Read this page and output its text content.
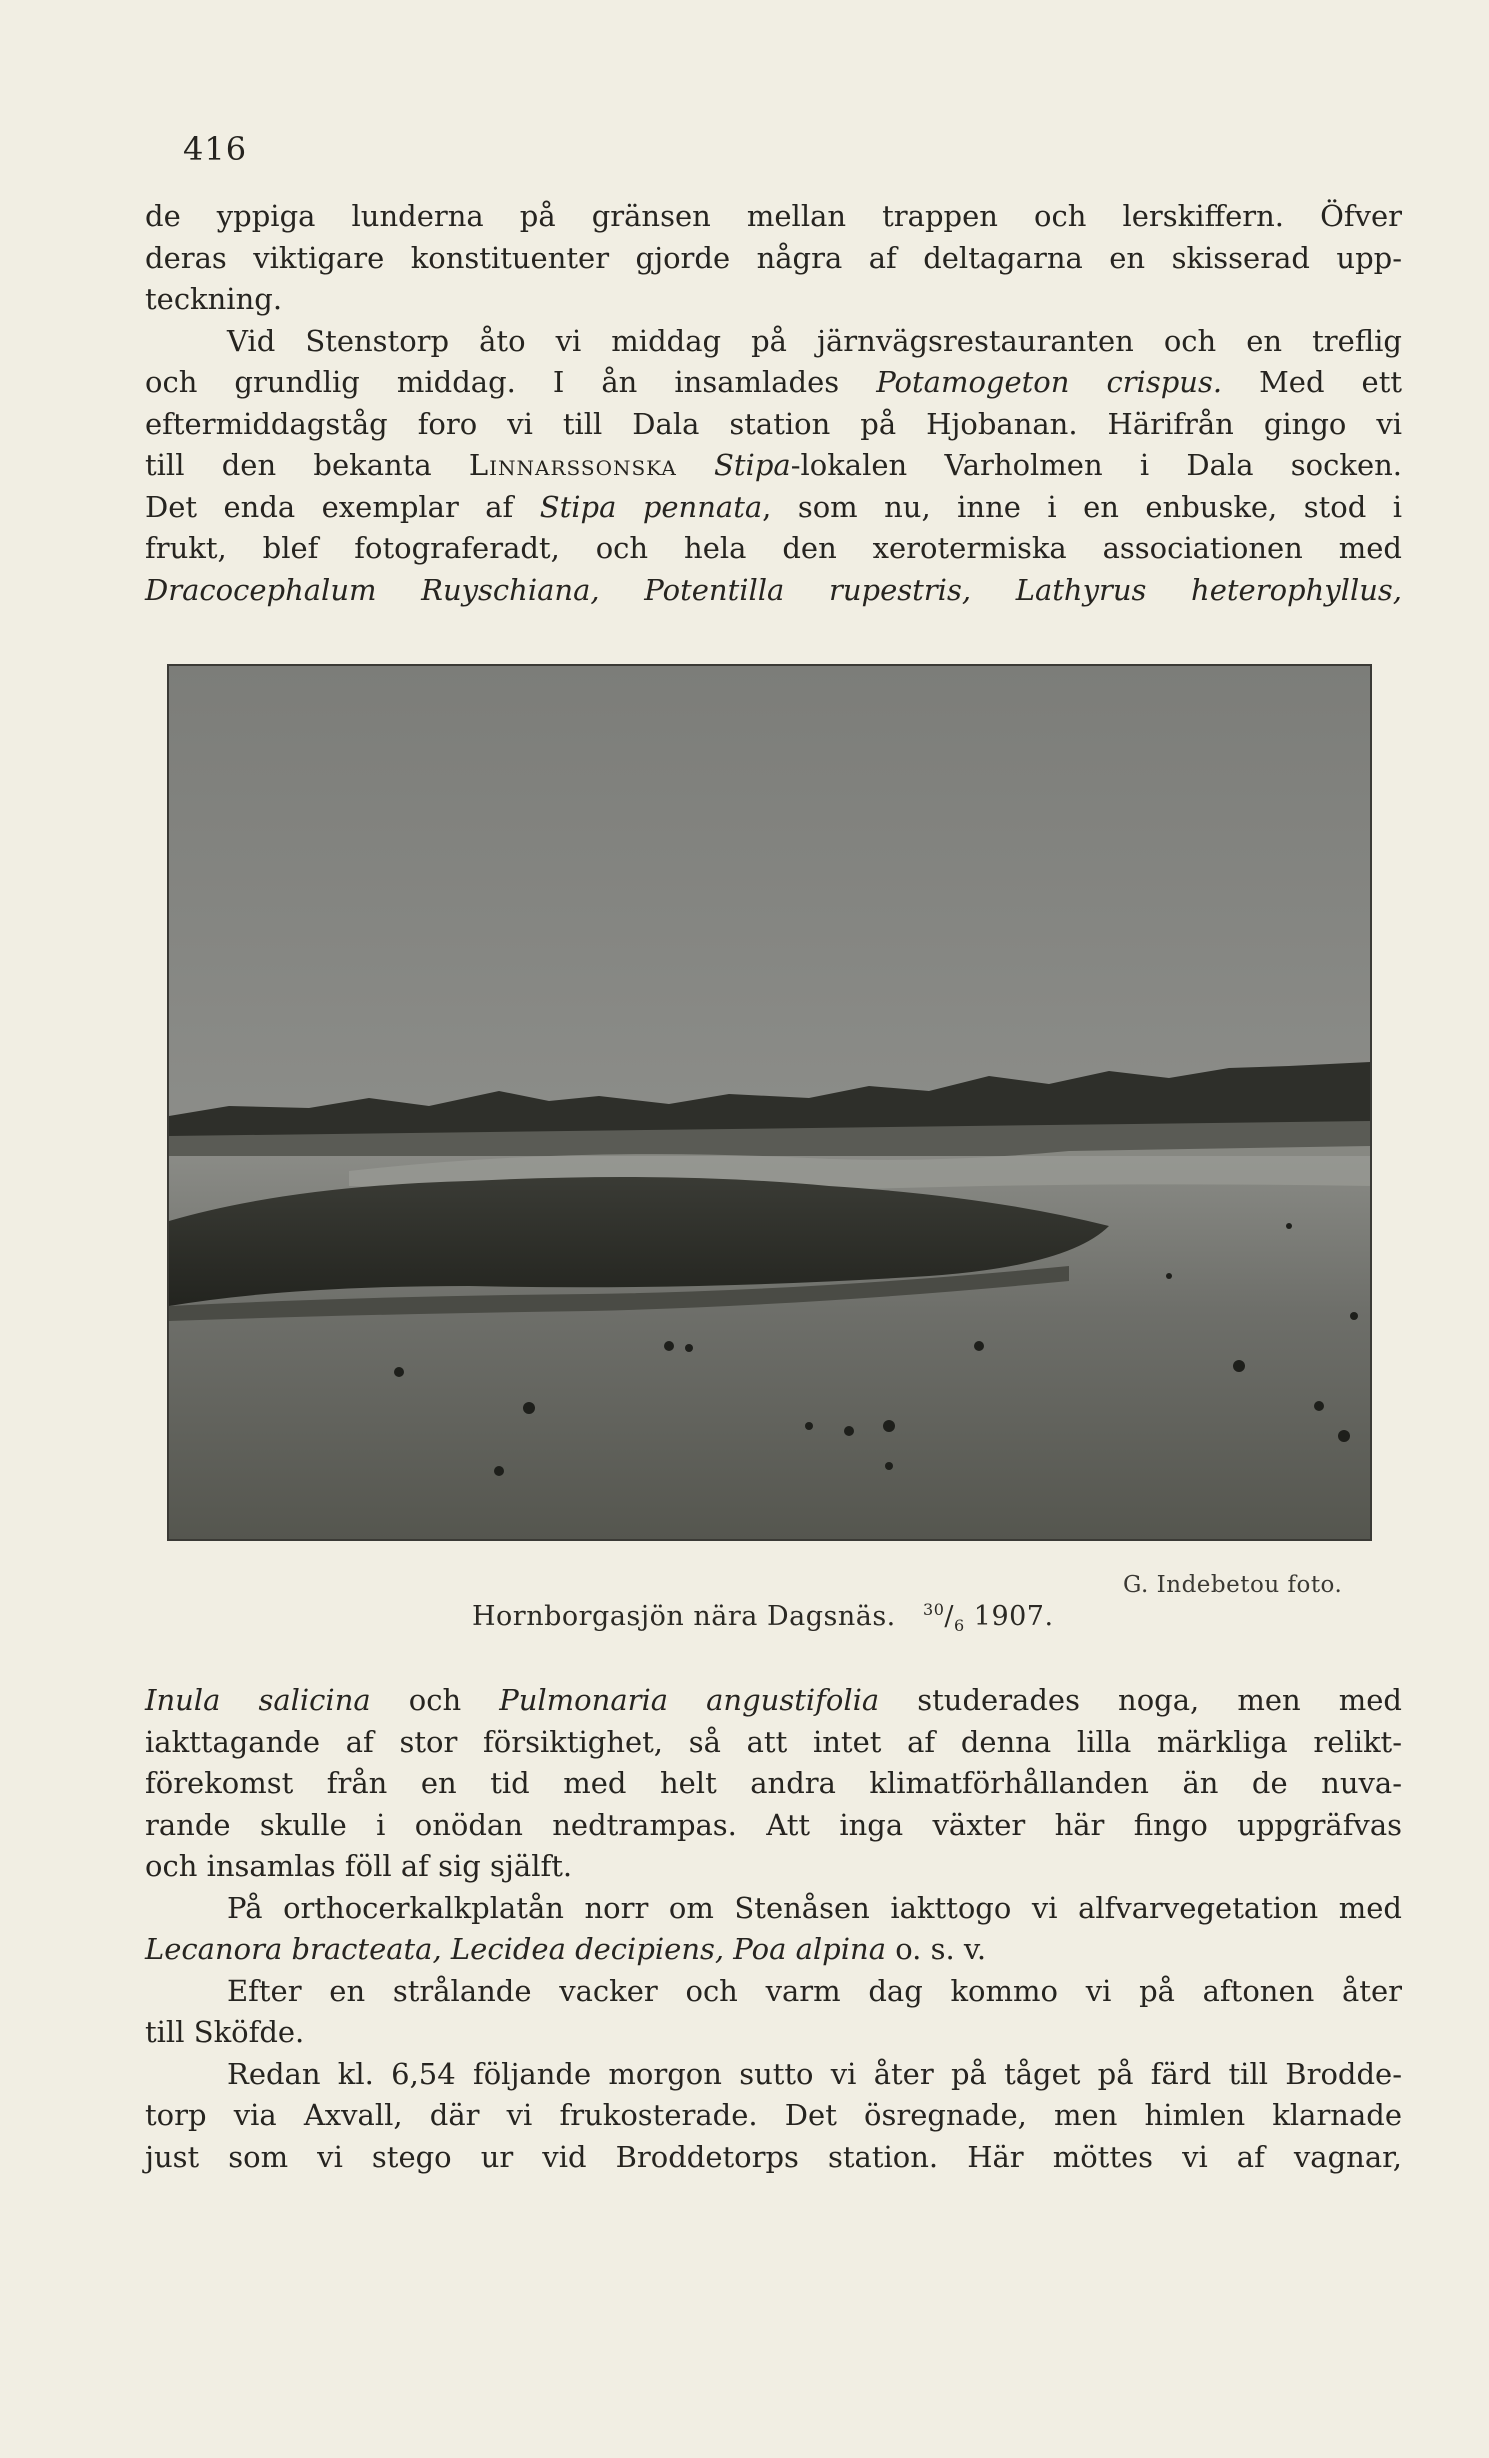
416
de yppiga lunderna på gränsen mellan trappen och lerskiffern. Öfver
deras viktigare konstituenter gjorde några af deltagarna en skisserad upp-
teckning.
Vid Stenstorp åto vi middag på järnvägsrestauranten och en treflig
och grundlig middag. I ån insamlades Potamogeton crispus. Med ett
eftermiddagståg foro vi till Dala station på Hjobanan. Härifrån gingo vi
till den bekanta Linnarssonska Stipa-lokalen Varholmen i Dala socken.
Det enda exemplar af Stipa pennata, som nu, inne i en enbuske, stod i
frukt, blef fotograferadt, och hela den xerotermiska associationen med
Dracocephalum Ruyschiana, Potentilla rupestris, Lathyrus heterophyllus,
G. Indebetou foto.
Hornborgasjön nära Dagsnäs. $^{30}/_6$ 1907.
Inula salicina och Pulmonaria angustifolia studerades noga, men med
iakttagande af stor försiktighet, så att intet af denna lilla märkliga relikt-
förekomst från en tid med helt andra klimatförhållanden än de nuva-
rande skulle i onödan nedtrampas. Att inga växter här fingo uppgräfvas
och insamlas föll af sig själft.
På orthocerkalkplatån norr om Stenåsen iakttogo vi alfvarvegetation med
Lecanora bracteata, Lecidea decipiens, Poa alpina o. s. v.
Efter en strålande vacker och varm dag kommo vi på aftonen åter
till Sköfde.
Redan kl. 6,54 följande morgon sutto vi åter på tåget på färd till Brodde-
torp via Axvall, där vi frukosterade. Det ösregnade, men himlen klarnade
just som vi stego ur vid Broddetorps station. Här möttes vi af vagnar,
